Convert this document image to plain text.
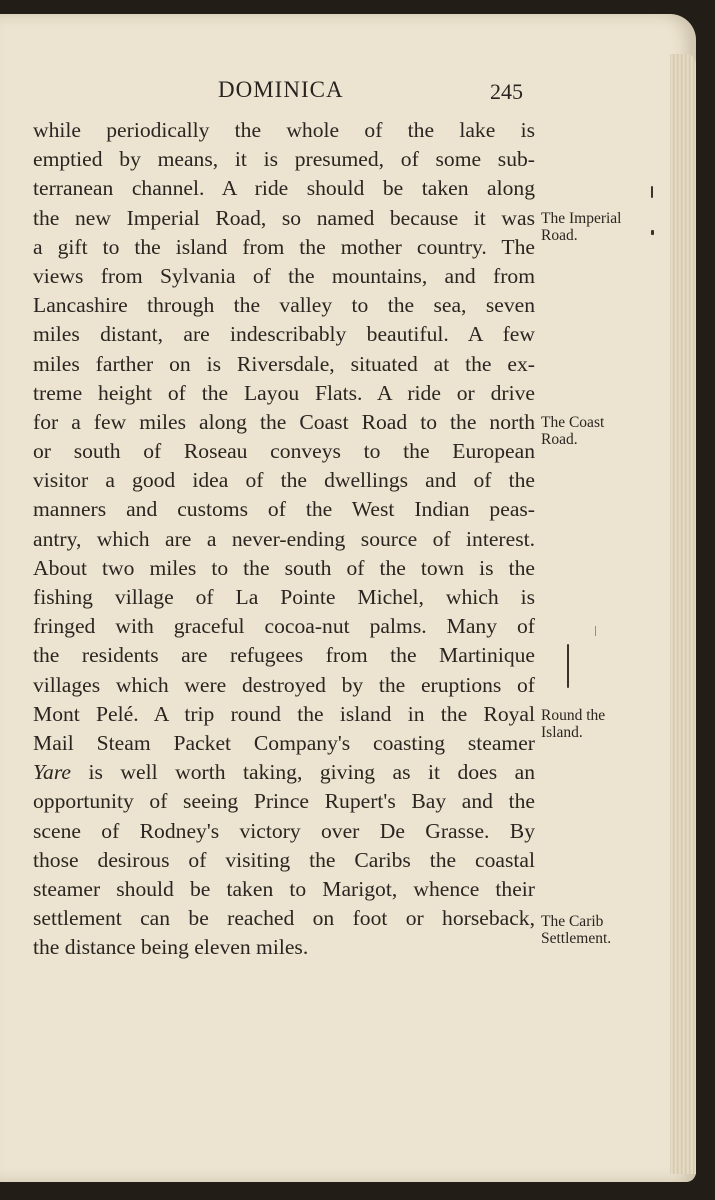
DOMINICA	245
while periodically the whole of the lake is
emptied by means, it is presumed, of some sub-
terranean channel. A ride should be taken along
the new Imperial Road, so named because it was
a gift to the island from the mother country. The
views from Sylvania of the mountains, and from
Lancashire through the valley to the sea, seven
miles distant, are indescribably beautiful. A few
miles farther on is Riversdale, situated at the ex-
treme height of the Layou Flats. A ride or drive
for a few miles along the Coast Road to the north
or south of Roseau conveys to the European
visitor a good idea of the dwellings and of the
manners and customs of the West Indian peas-
antry, which are a never-ending source of interest.
About two miles to the south of the town is the
fishing village of La Pointe Michel, which is
fringed with graceful cocoa-nut palms. Many of
the residents are refugees from the Martinique
villages which were destroyed by the eruptions of
Mont Pelé. A trip round the island in the Royal
Mail Steam Packet Company's coasting steamer
Yare is well worth taking, giving as it does an
opportunity of seeing Prince Rupert's Bay and the
scene of Rodney's victory over De Grasse. By
those desirous of visiting the Caribs the coastal
steamer should be taken to Marigot, whence their
settlement can be reached on foot or horseback,
the distance being eleven miles.
The Imperial
Road.
The Coast
Road.
Round the
Island.
The Carib
Settlement.
